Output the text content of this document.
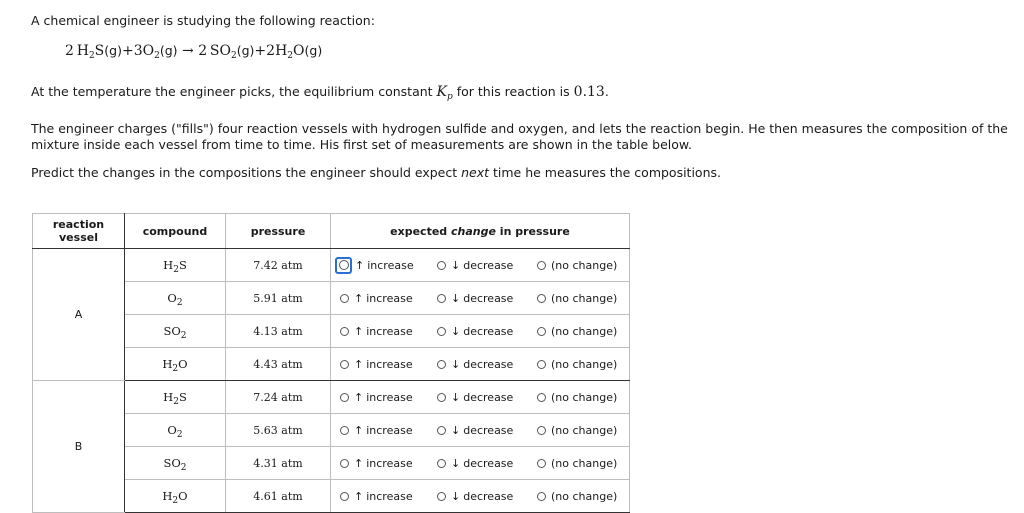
A chemical engineer is studying the following reaction:
2  $H_2S(g)+3O_2(g) \to 2$  $SO_2(g)+2H_2O(g)$
At the temperature the engineer picks, the equilibrium constant $K_p$ for this reaction is 0.13.
The engineer charges ("fills") four reaction vessels with hydrogen sulfide and oxygen, and lets the reaction begin. He then measures the composition of the
mixture inside each vessel from time to time. His first set of measurements are shown in the table below.
Predict the changes in the compositions the engineer should expect next time he measures the compositions.
reaction
vessel	compound	pressure	expected change in pressure
A	$H_2S$	7.42 atm	↑ increase ↓ decrease (no change)

	$O_2$	5.91 atm	↑ increase ↓ decrease (no change)

	$SO_2$	4.13 atm	↑ increase ↓ decrease (no change)

	$H_2O$	4.43 atm	↑ increase ↓ decrease (no change)

B	$H_2S$	7.24 atm	↑ increase ↓ decrease (no change)

	$O_2$	5.63 atm	↑ increase ↓ decrease (no change)

	$SO_2$	4.31 atm	↑ increase ↓ decrease (no change)

	$H_2O$	4.61 atm	↑ increase ↓ decrease (no change)
